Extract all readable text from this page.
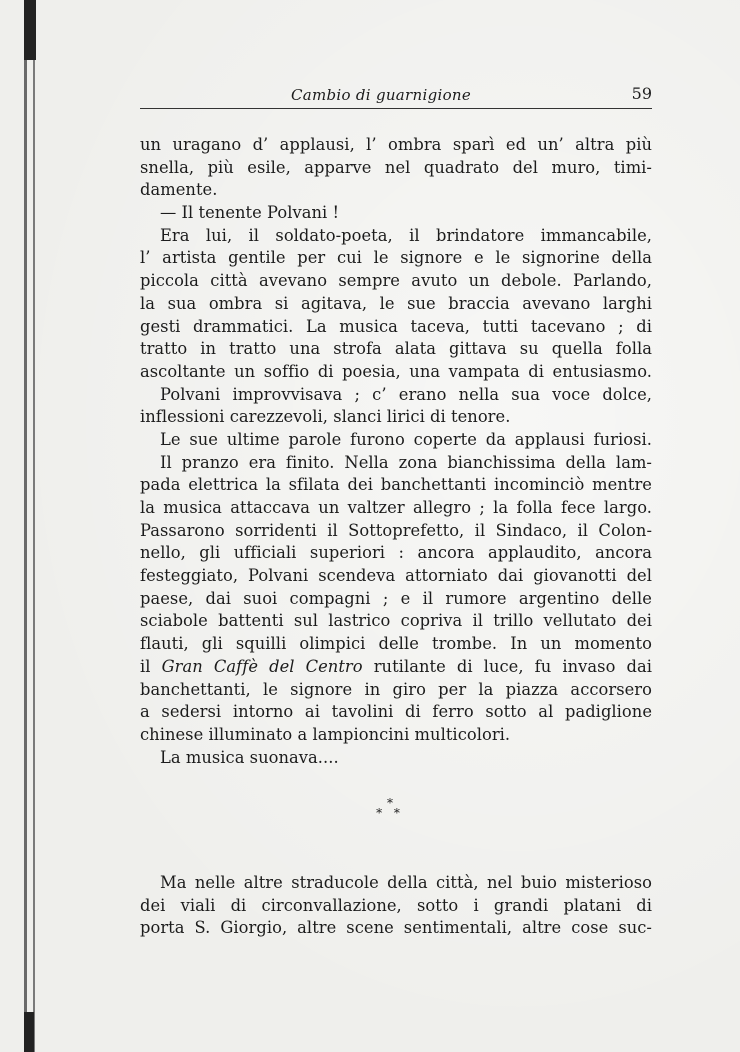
Cambio di guarnigione	59
un uragano d’ applausi, l’ ombra sparì ed un’ altra più
snella, più esile, apparve nel quadrato del muro, timi-
damente.
— Il tenente Polvani !
Era lui, il soldato-poeta, il brindatore immancabile,
l’ artista gentile per cui le signore e le signorine della
piccola città avevano sempre avuto un debole. Parlando,
la sua ombra si agitava, le sue braccia avevano larghi
gesti drammatici. La musica taceva, tutti tacevano ; di
tratto in tratto una strofa alata gittava su quella folla
ascoltante un soffio di poesia, una vampata di entusiasmo.
Polvani improvvisava ; c’ erano nella sua voce dolce,
inflessioni carezzevoli, slanci lirici di tenore.
Le sue ultime parole furono coperte da applausi furiosi.
Il pranzo era finito. Nella zona bianchissima della lam-
pada elettrica la sfilata dei banchettanti incominciò mentre
la musica attaccava un valtzer allegro ; la folla fece largo.
Passarono sorridenti il Sottoprefetto, il Sindaco, il Colon-
nello, gli ufficiali superiori : ancora applaudito, ancora
festeggiato, Polvani scendeva attorniato dai giovanotti del
paese, dai suoi compagni ; e il rumore argentino delle
sciabole battenti sul lastrico copriva il trillo vellutato dei
flauti, gli squilli olimpici delle trombe. In un momento
il Gran Caffè del Centro rutilante di luce, fu invaso dai
banchettanti, le signore in giro per la piazza accorsero
a sedersi intorno ai tavolini di ferro sotto al padiglione
chinese illuminato a lampioncini multicolori.
La musica suonava....
*
* *
Ma nelle altre straducole della città, nel buio misterioso
dei viali di circonvallazione, sotto i grandi platani di
porta S. Giorgio, altre scene sentimentali, altre cose suc-
